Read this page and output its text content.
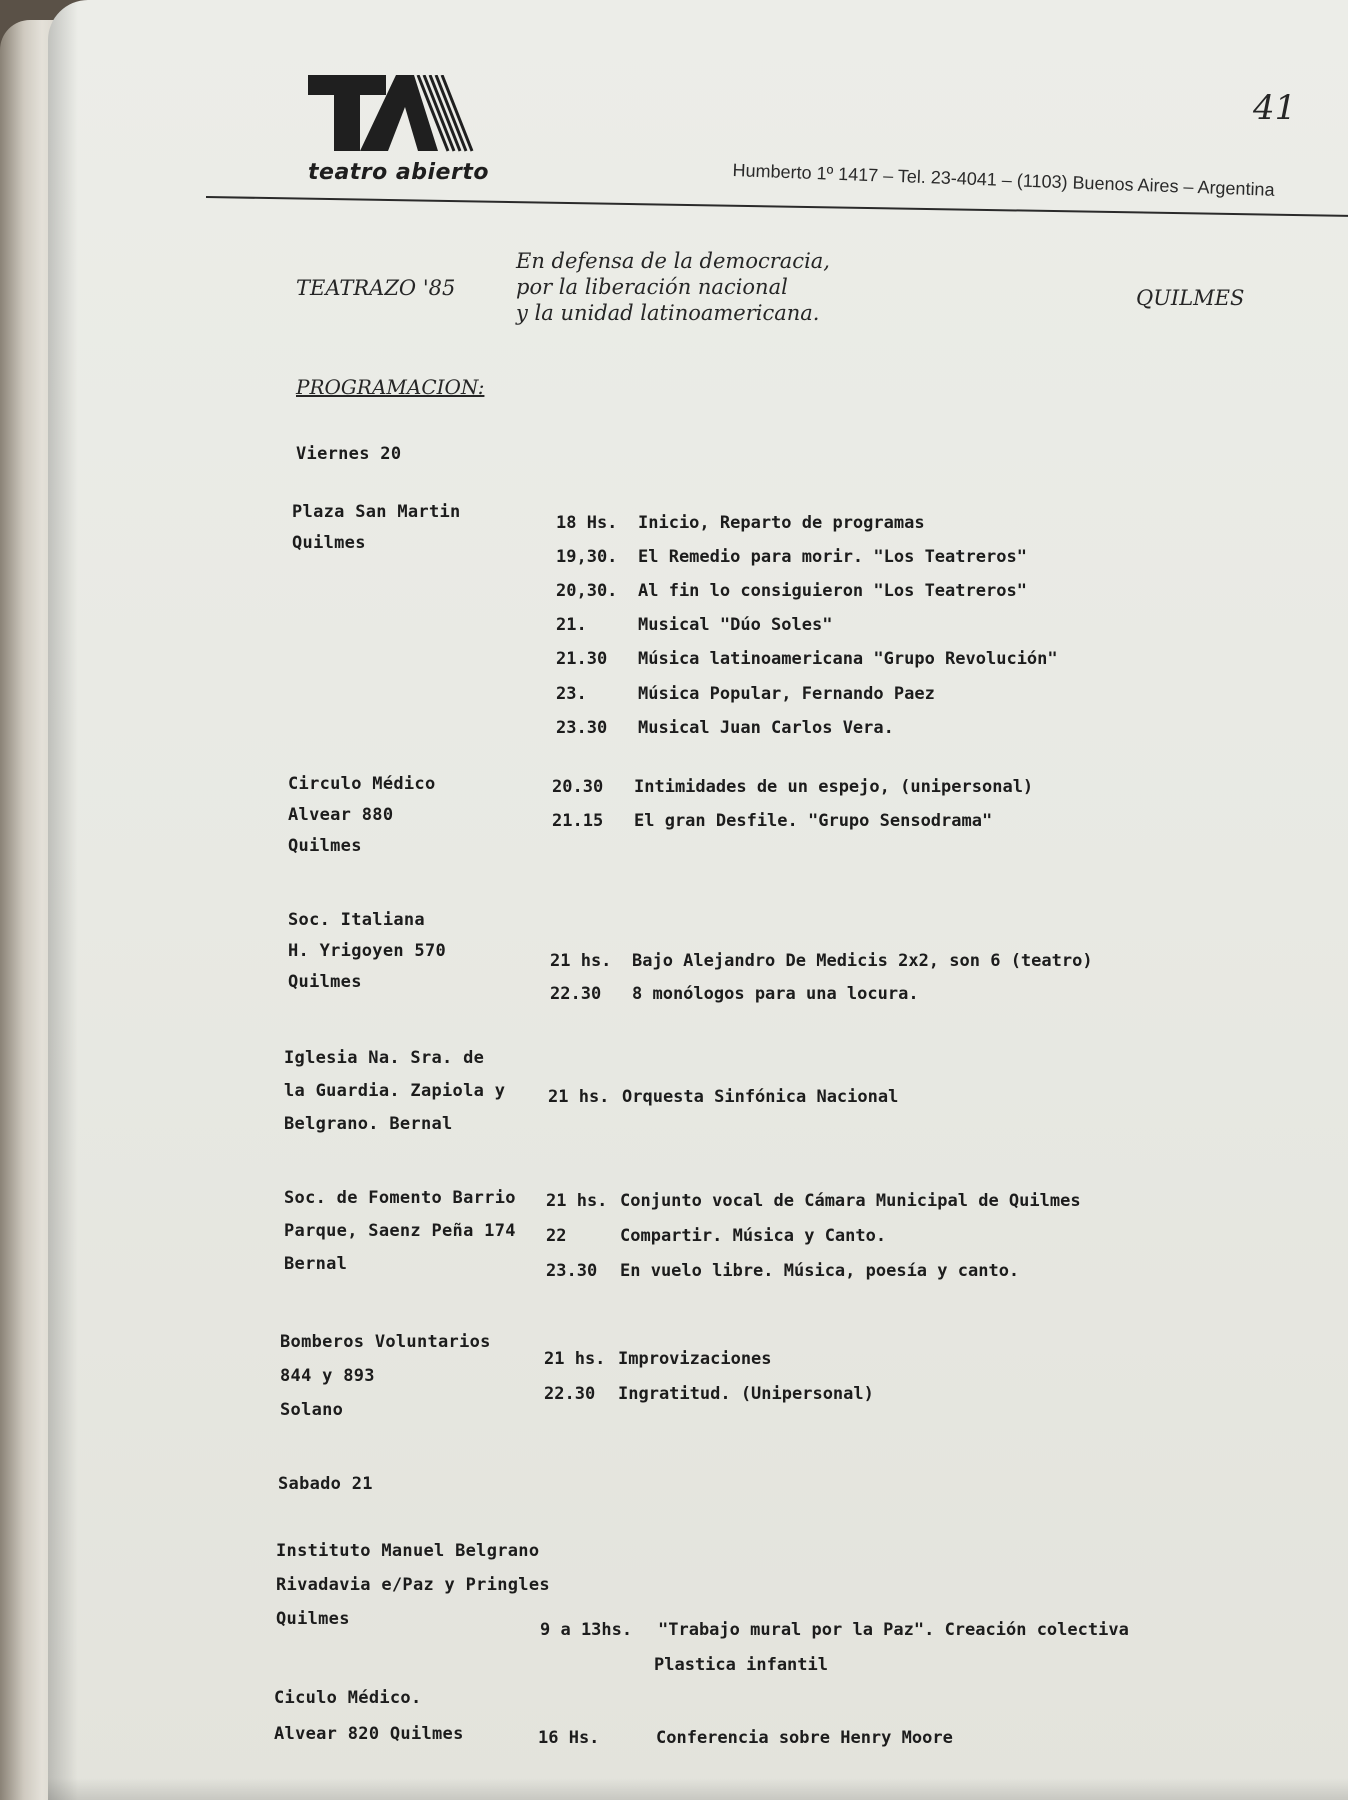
teatro abierto	Humberto 1º 1417 – Tel. 23-4041 – (1103) Buenos Aires – Argentina
41
TEATRAZO '85
En defensa de la democracia,
por la liberación nacional
y la unidad latinoamericana.
QUILMES
PROGRAMACION:
Viernes 20
Plaza San Martin
Quilmes
18 Hs. Inicio, Reparto de programas
19,30. El Remedio para morir. "Los Teatreros"
20,30. Al fin lo consiguieron "Los Teatreros"
21.	Musical "Dúo Soles"
21.30 Música latinoamericana "Grupo Revolución"
23.	Música Popular, Fernando Paez
23.30 Musical Juan Carlos Vera.
Circulo Médico
Alvear 880
Quilmes
20.30 Intimidades de un espejo, (unipersonal)
21.15 El gran Desfile. "Grupo Sensodrama"
Soc. Italiana
H. Yrigoyen 570
Quilmes
21 hs. Bajo Alejandro De Medicis 2x2, son 6 (teatro)
22.30 8 monólogos para una locura.
Iglesia Na. Sra. de
la Guardia. Zapiola y
Belgrano. Bernal
21 hs. Orquesta Sinfónica Nacional
Soc. de Fomento Barrio
Parque, Saenz Peña 174
Bernal
21 hs. Conjunto vocal de Cámara Municipal de Quilmes
22	Compartir. Música y Canto.
23.30 En vuelo libre. Música, poesía y canto.
Bomberos Voluntarios
844 y 893
Solano
21 hs. Improvizaciones
22.30 Ingratitud. (Unipersonal)
Sabado 21
Instituto Manuel Belgrano
Rivadavia e/Paz y Pringles
Quilmes
9 a 13hs. "Trabajo mural por la Paz". Creación colectiva
Plastica infantil
Ciculo Médico.
Alvear 820 Quilmes	16 Hs.	Conferencia sobre Henry Moore
